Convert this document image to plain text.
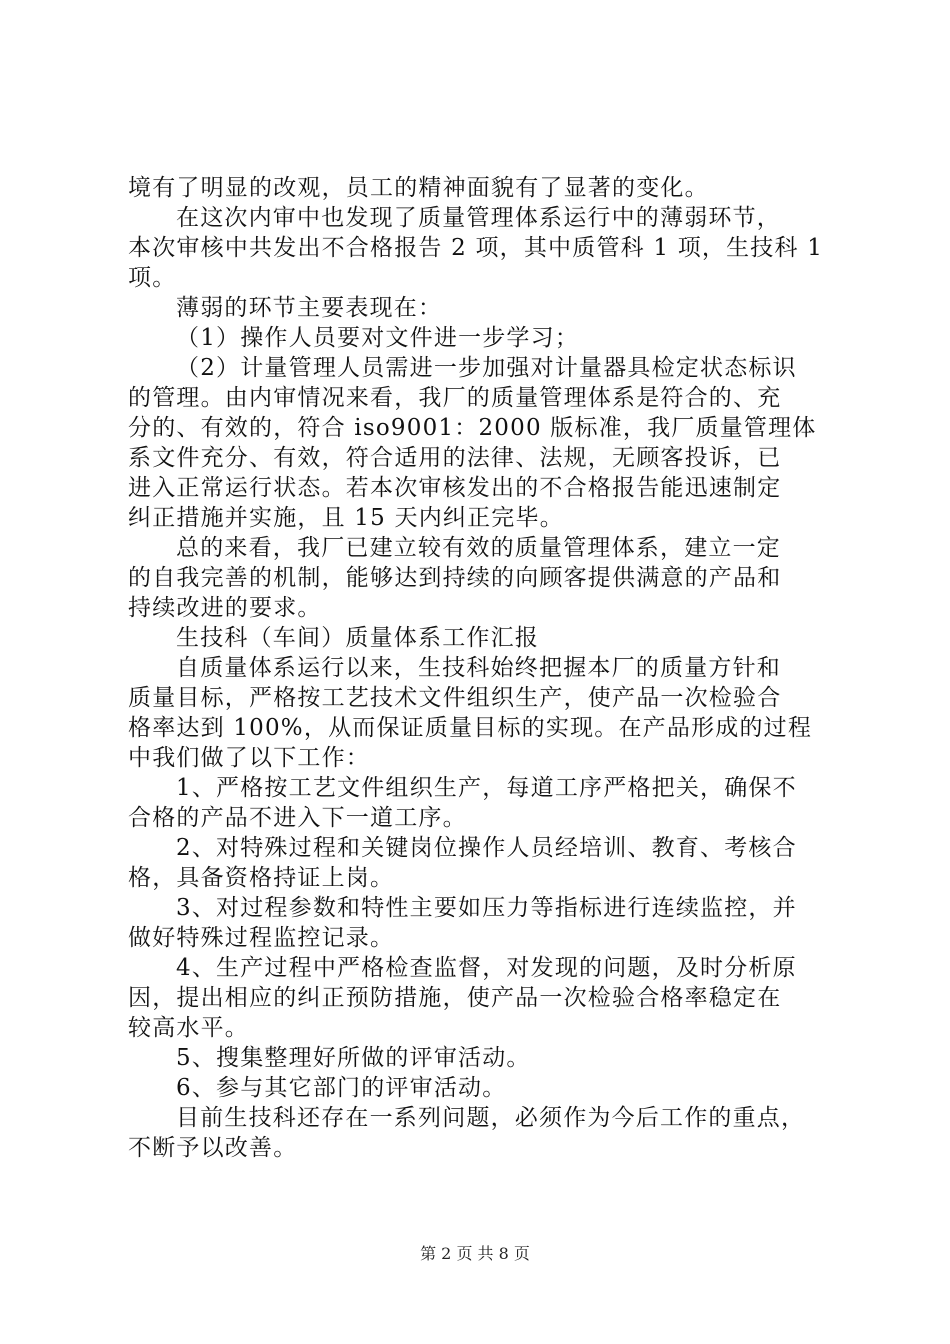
境有了明显的改观，员工的精神面貌有了显著的变化。
在这次内审中也发现了质量管理体系运行中的薄弱环节，
本次审核中共发出不合格报告 2 项，其中质管科 1 项，生技科 1
项。
薄弱的环节主要表现在：
（1）操作人员要对文件进一步学习；
（2）计量管理人员需进一步加强对计量器具检定状态标识
的管理。由内审情况来看，我厂的质量管理体系是符合的、充
分的、有效的，符合 iso9001：2000 版标准，我厂质量管理体
系文件充分、有效，符合适用的法律、法规，无顾客投诉，已
进入正常运行状态。若本次审核发出的不合格报告能迅速制定
纠正措施并实施，且 15 天内纠正完毕。
总的来看，我厂已建立较有效的质量管理体系，建立一定
的自我完善的机制，能够达到持续的向顾客提供满意的产品和
持续改进的要求。
生技科（车间）质量体系工作汇报
自质量体系运行以来，生技科始终把握本厂的质量方针和
质量目标，严格按工艺技术文件组织生产，使产品一次检验合
格率达到 100%，从而保证质量目标的实现。在产品形成的过程
中我们做了以下工作：
1、严格按工艺文件组织生产，每道工序严格把关，确保不
合格的产品不进入下一道工序。
2、对特殊过程和关键岗位操作人员经培训、教育、考核合
格，具备资格持证上岗。
3、对过程参数和特性主要如压力等指标进行连续监控，并
做好特殊过程监控记录。
4、生产过程中严格检查监督，对发现的问题，及时分析原
因，提出相应的纠正预防措施，使产品一次检验合格率稳定在
较高水平。
5、搜集整理好所做的评审活动。
6、参与其它部门的评审活动。
目前生技科还存在一系列问题，必须作为今后工作的重点，
不断予以改善。
第 2 页 共 8 页
